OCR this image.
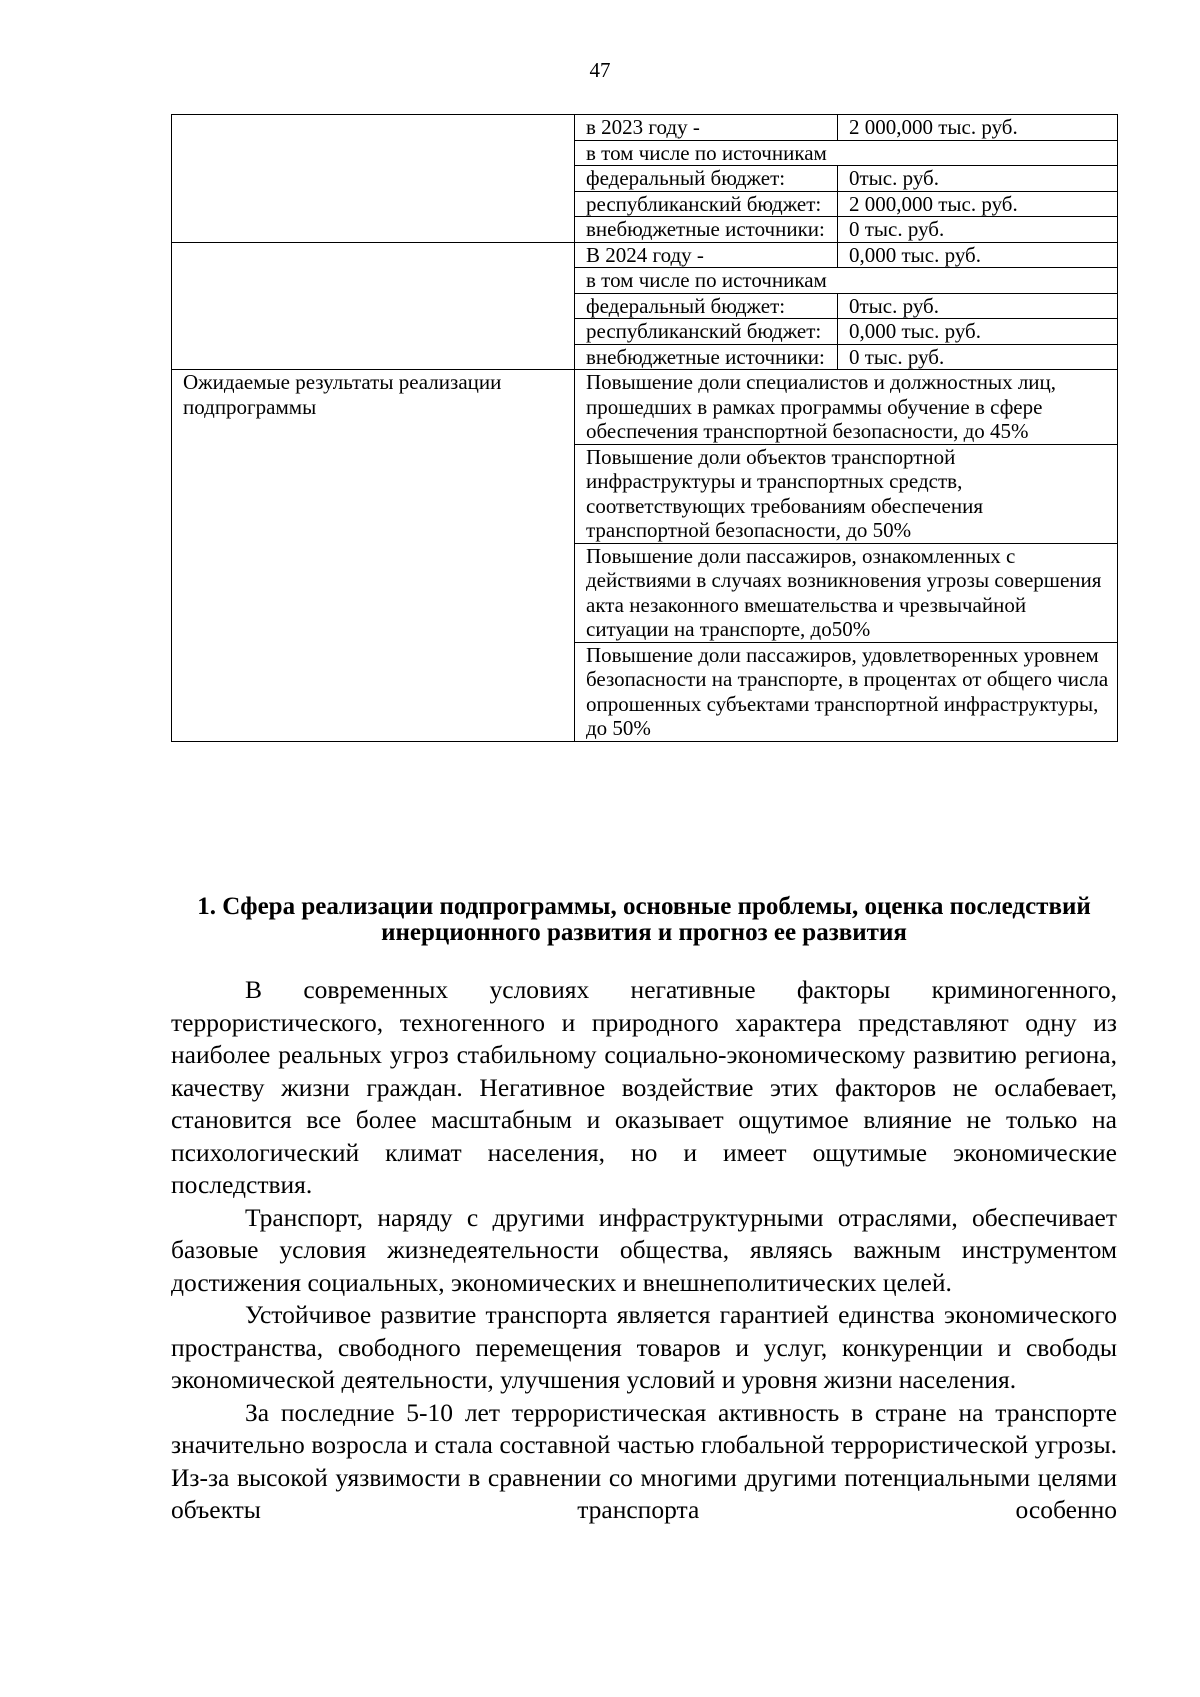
47
	в 2023 году -	2 000,000 тыс. руб.
	в том числе по источникам	
	федеральный бюджет:	0тыс. руб.
	республиканский бюджет:	2 000,000 тыс. руб.
	внебюджетные источники:	0 тыс. руб.
	В 2024 году -	0,000 тыс. руб.
	в том числе по источникам	
	федеральный бюджет:	0тыс. руб.
	республиканский бюджет:	0,000 тыс. руб.
	внебюджетные источники:	0 тыс. руб.
Ожидаемые результаты реализации подпрограммы	Повышение доли специалистов и должностных лиц, прошедших в рамках программы обучение в сфере обеспечения транспортной безопасности, до 45%	
	Повышение доли объектов транспортной инфраструктуры и транспортных средств, соответствующих требованиям обеспечения транспортной безопасности, до 50%	
	Повышение доли пассажиров, ознакомленных с действиями в случаях возникновения угрозы совершения акта незаконного вмешательства и чрезвычайной ситуации на транспорте, до50%	
	Повышение доли пассажиров, удовлетворенных уровнем безопасности на транспорте, в процентах от общего числа опрошенных субъектами транспортной инфраструктуры, до 50%	
1. Сфера реализации подпрограммы, основные проблемы, оценка последствий инерционного развития и прогноз ее развития

В современных условиях негативные факторы криминогенного, террористического, техногенного и природного характера представляют одну из наиболее реальных угроз стабильному социально-экономическому развитию региона, качеству жизни граждан. Негативное воздействие этих факторов не ослабевает, становится все более масштабным и оказывает ощутимое влияние не только на психологический климат населения, но и имеет ощутимые экономические последствия.

Транспорт, наряду с другими инфраструктурными отраслями, обеспечивает базовые условия жизнедеятельности общества, являясь важным инструментом достижения социальных, экономических и внешнеполитических целей.

Устойчивое развитие транспорта является гарантией единства экономического пространства, свободного перемещения товаров и услуг, конкуренции и свободы экономической деятельности, улучшения условий и уровня жизни населения.

За последние 5-10 лет террористическая активность в стране на транспорте значительно возросла и стала составной частью глобальной террористической угрозы. Из-за высокой уязвимости в сравнении со многими другими потенциальными целями объекты транспорта особенно
